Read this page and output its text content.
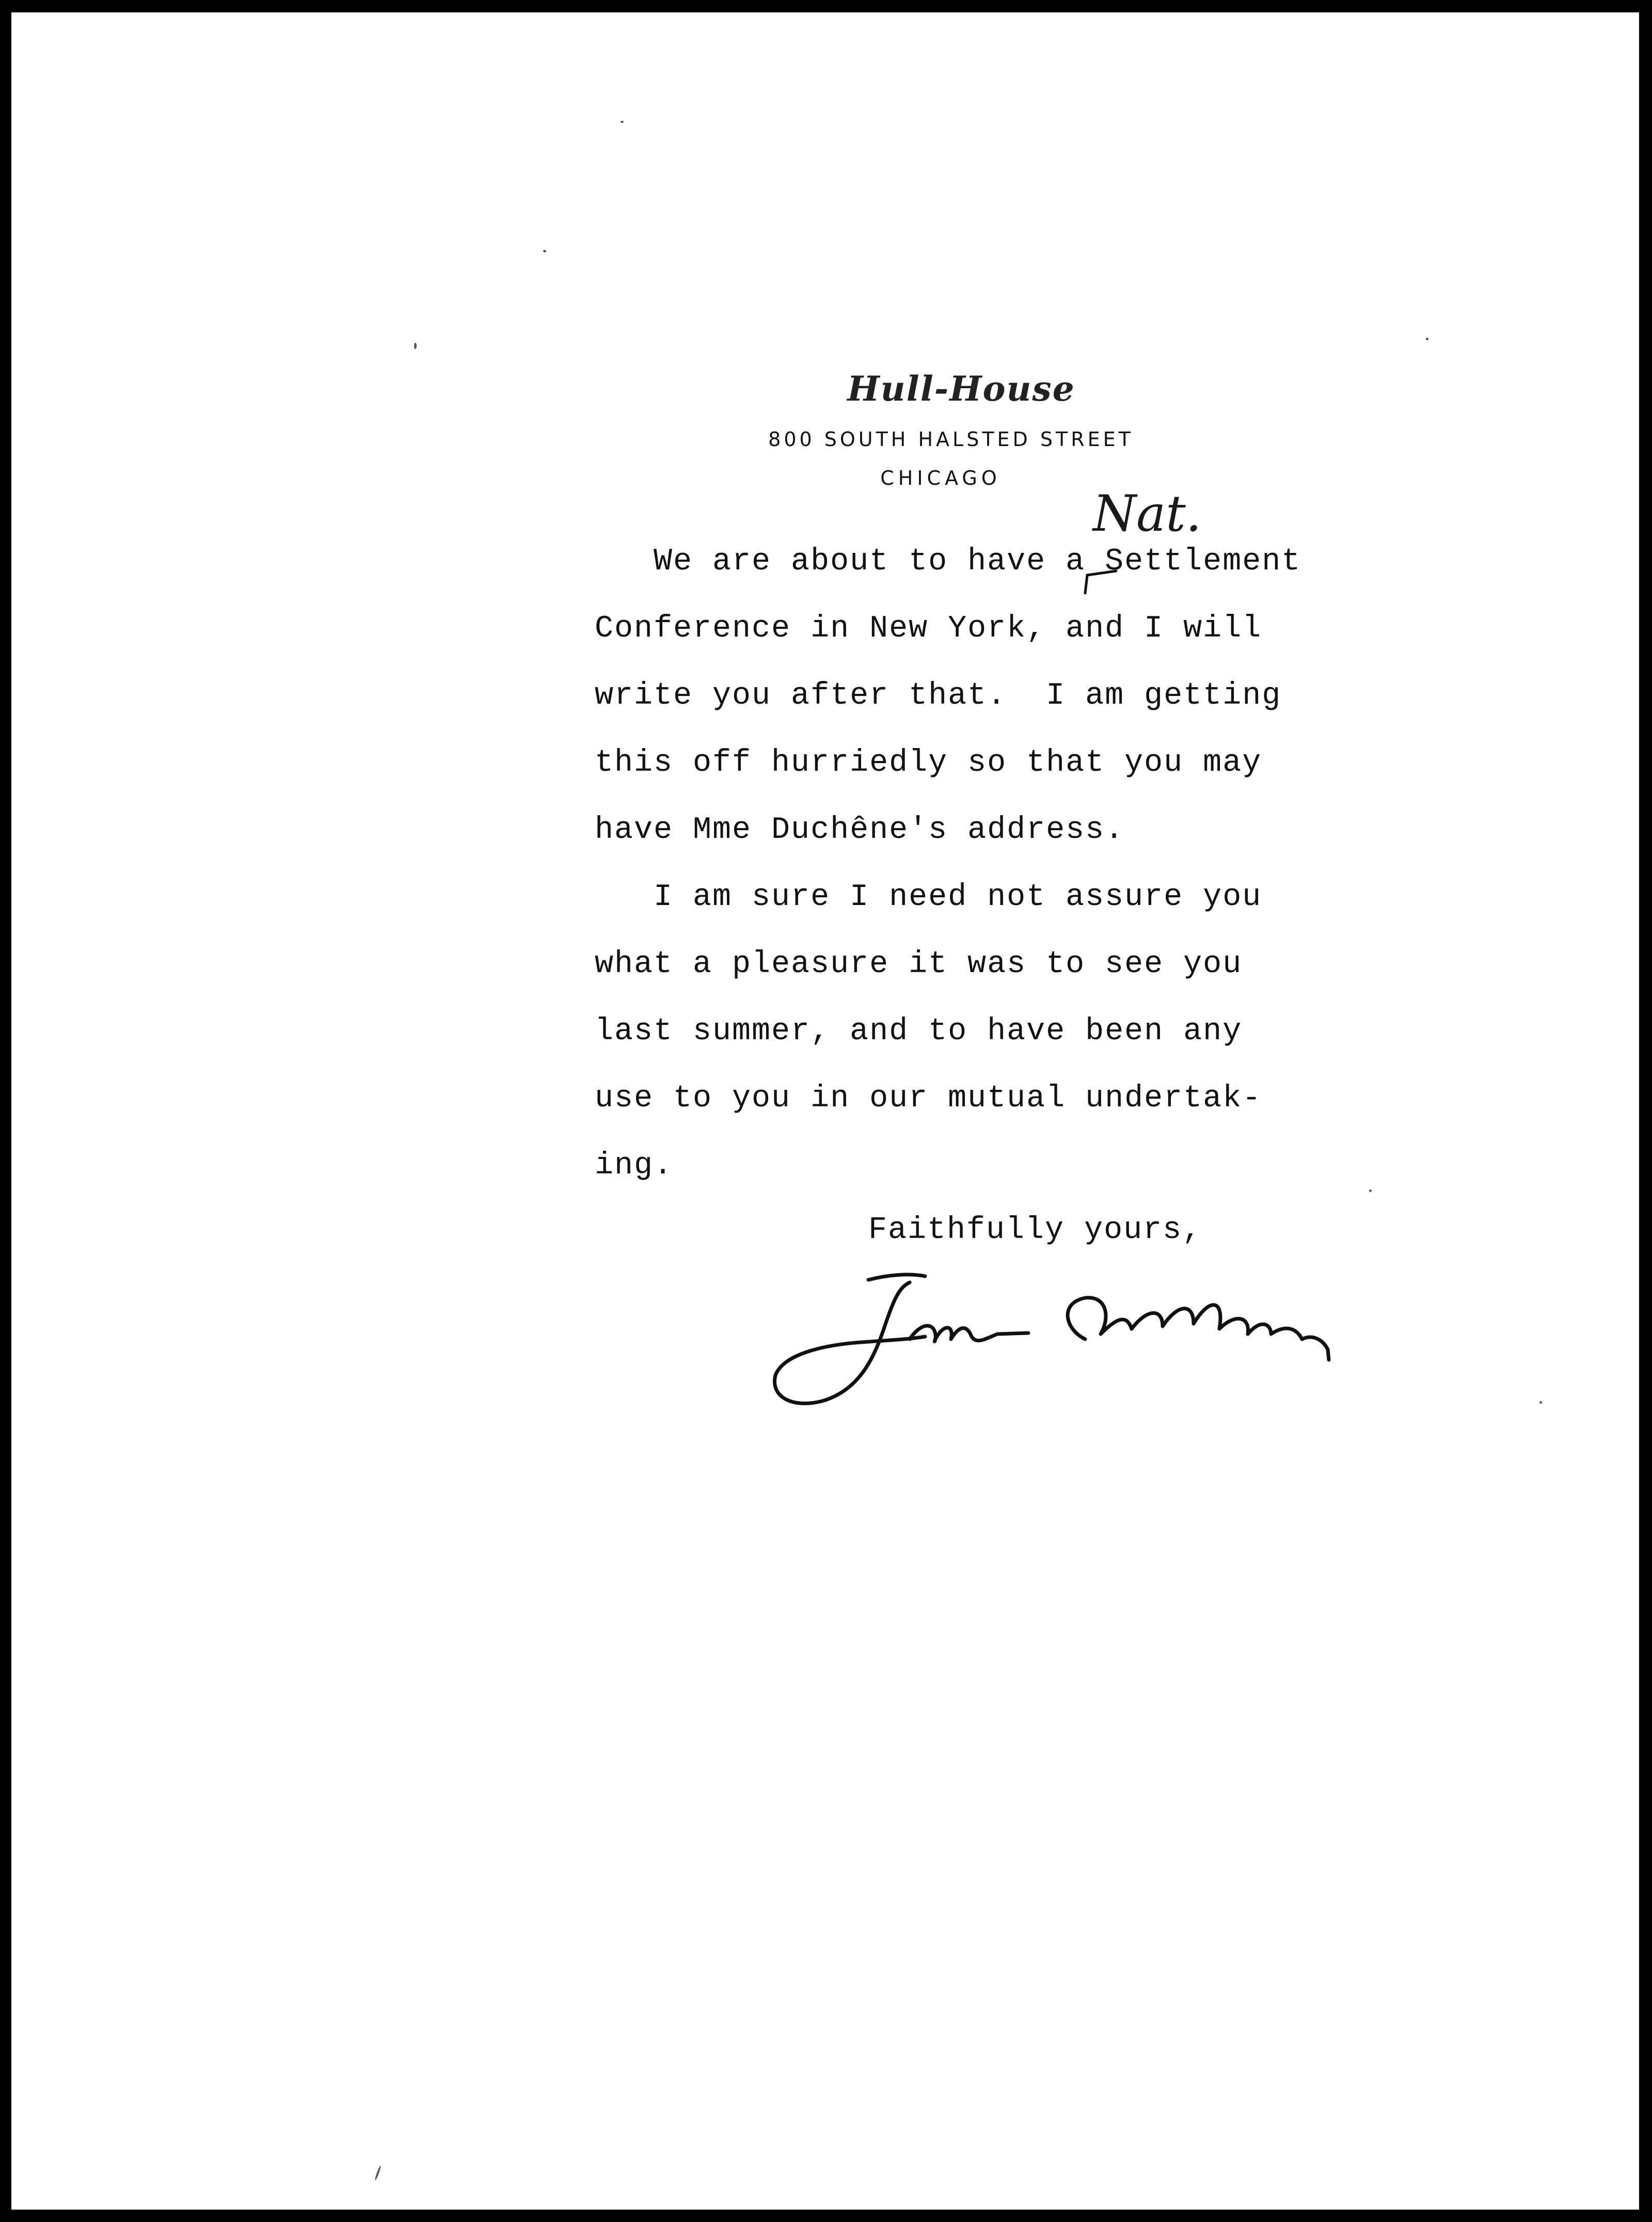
Hull-House
800 SOUTH HALSTED STREET
CHICAGO
Nat.
We are about to have a Settlement
Conference in New York, and I will
write you after that.  I am getting
this off hurriedly so that you may
have Mme Duchêne's address.
I am sure I need not assure you
what a pleasure it was to see you
last summer, and to have been any
use to you in our mutual undertak-
ing.
Faithfully yours,
